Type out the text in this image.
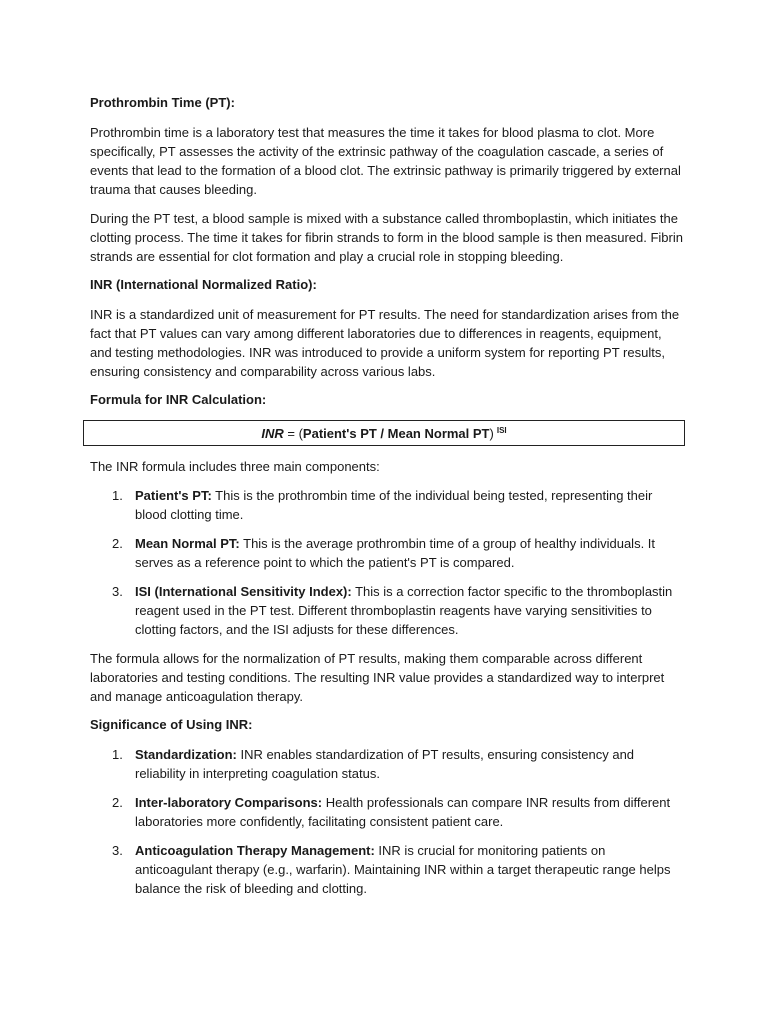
Prothrombin Time (PT):

Prothrombin time is a laboratory test that measures the time it takes for blood plasma to clot. More specifically, PT assesses the activity of the extrinsic pathway of the coagulation cascade, a series of events that lead to the formation of a blood clot. The extrinsic pathway is primarily triggered by external trauma that causes bleeding.

During the PT test, a blood sample is mixed with a substance called thromboplastin, which initiates the clotting process. The time it takes for fibrin strands to form in the blood sample is then measured. Fibrin strands are essential for clot formation and play a crucial role in stopping bleeding.

INR (International Normalized Ratio):

INR is a standardized unit of measurement for PT results. The need for standardization arises from the fact that PT values can vary among different laboratories due to differences in reagents, equipment, and testing methodologies. INR was introduced to provide a uniform system for reporting PT results, ensuring consistency and comparability across various labs.

Formula for INR Calculation:
INR = (Patient's PT / Mean Normal PT) $^{ISI}$

The INR formula includes three main components:

1. Patient's PT: This is the prothrombin time of the individual being tested, representing their blood clotting time.
2. Mean Normal PT: This is the average prothrombin time of a group of healthy individuals. It serves as a reference point to which the patient's PT is compared.
3. ISI (International Sensitivity Index): This is a correction factor specific to the thromboplastin reagent used in the PT test. Different thromboplastin reagents have varying sensitivities to clotting factors, and the ISI adjusts for these differences.

The formula allows for the normalization of PT results, making them comparable across different laboratories and testing conditions. The resulting INR value provides a standardized way to interpret and manage anticoagulation therapy.

Significance of Using INR:
1. Standardization: INR enables standardization of PT results, ensuring consistency and reliability in interpreting coagulation status.
2. Inter-laboratory Comparisons: Health professionals can compare INR results from different laboratories more confidently, facilitating consistent patient care.
3. Anticoagulation Therapy Management: INR is crucial for monitoring patients on anticoagulant therapy (e.g., warfarin). Maintaining INR within a target therapeutic range helps balance the risk of bleeding and clotting.
